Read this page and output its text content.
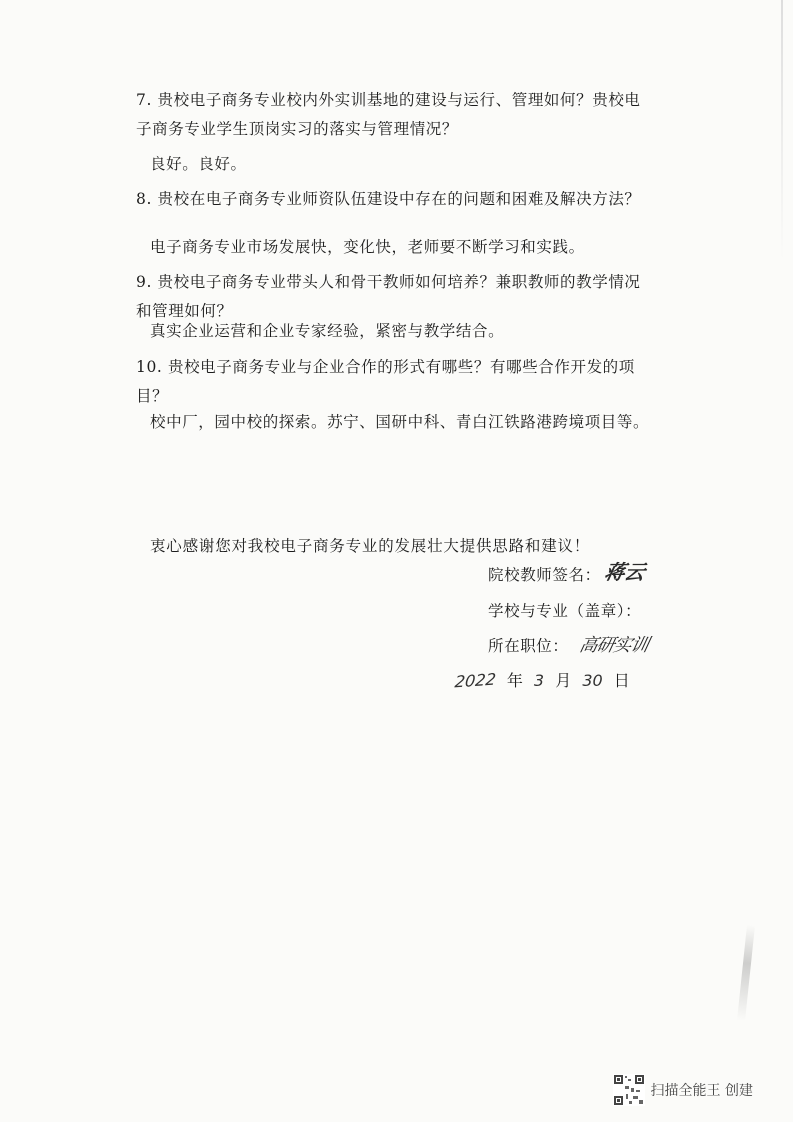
7. 贵校电子商务专业校内外实训基地的建设与运行、管理如何？贵校电子商务专业学生顶岗实习的落实与管理情况？

良好。良好。

8. 贵校在电子商务专业师资队伍建设中存在的问题和困难及解决方法？

电子商务专业市场发展快，变化快，老师要不断学习和实践。

9. 贵校电子商务专业带头人和骨干教师如何培养？兼职教师的教学情况和管理如何？

真实企业运营和企业专家经验，紧密与教学结合。

10. 贵校电子商务专业与企业合作的形式有哪些？有哪些合作开发的项目？

校中厂，园中校的探索。苏宁、国研中科、青白江铁路港跨境项目等。

衷心感谢您对我校电子商务专业的发展壮大提供思路和建议！

院校教师签名： 蒋云
学校与专业（盖章）：
所在职位： 高研实训
2022 年 3 月 30 日
扫描全能王 创建
